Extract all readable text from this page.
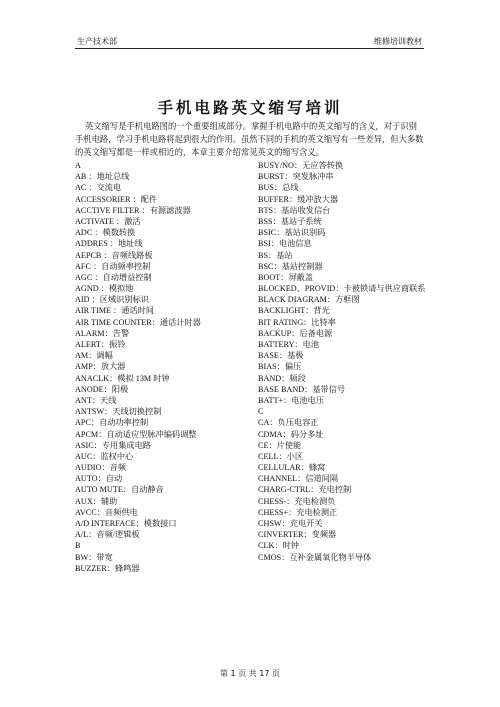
生产技术部	维修培训教材
手机电路英文缩写培训
英文缩写是手机电路图的一个重要组成部分。掌握手机电路中的英文缩写的含义，对于识别手机电路，学习手机电路将起到很大的作用。虽然不同的手机的英文缩写有一些差异，但大多数的英文缩写都是一样或相近的，本章主要介绍常见英文的缩写含义。
A
AB ：地址总线
AC ：交流电
ACCESSORIER ：配件
ACCTIVE FILTER ：有源滤波器
ACTIVATE ：激活
ADC ：模数转换
ADDRES ：地址线
AEPCB ：音频线路板
AFC ：自动频率控制
AGC ：自动增益控制
AGND ：模拟地
AID ：区域识别标识
AIR TIME ：通话时间
AIR TIME COUNTER：通话计时器
ALARM：告警
ALERT：振铃
AM：调幅
AMP：放大器
ANACLK：模拟 13M 时钟
ANODE：阳极
ANT：天线
ANTSW：天线切换控制
APC：自动功率控制
APCM：自动适应型脉冲编码调整
ASIC：专用集成电路
AUC：监权中心
AUDIO：音频
AUTO：自动
AUTO MUTE：自动静音
AUX：辅助
AVCC：音频供电
A/D INTERFACE：模数接口
A/L：音频/逻辑板
B
BW：带宽
BUZZER：蜂鸣器
BUSY/NO：无应答转换
BURST：突发脉冲串
BUS：总线
BUFFER：缓冲放大器
BTS：基站收发信台
BSS：基站子系统
BSIC：基站识别码
BSI：电池信息
BS：基站
BSC：基站控制器
BOOT：屏蔽盖
BLOCKED、PROVID：卡被锁请与供应商联系
BLACK DIAGRAM：方框图
BACKLIGHT：背光
BIT RATING：比特率
BACKUP：后备电源
BATTERY：电池
BASE：基极
BIAS：偏压
BAND：频段
BASE BAND：基带信号
BATT+：电池电压
C
CA：负压电容正
CDMA：码分多址
CE：片使能
CELL：小区
CELLULAR：蜂窝
CHANNEL：信道间隔
CHARG-CTRL：充电控制
CHESS-：充电检测负
CHESS+：充电检测正
CHSW：充电开关
CINVERTER：变频器
CLK：时钟
CMOS：互补金属氧化物半导体
第 1 页 共 17 页
